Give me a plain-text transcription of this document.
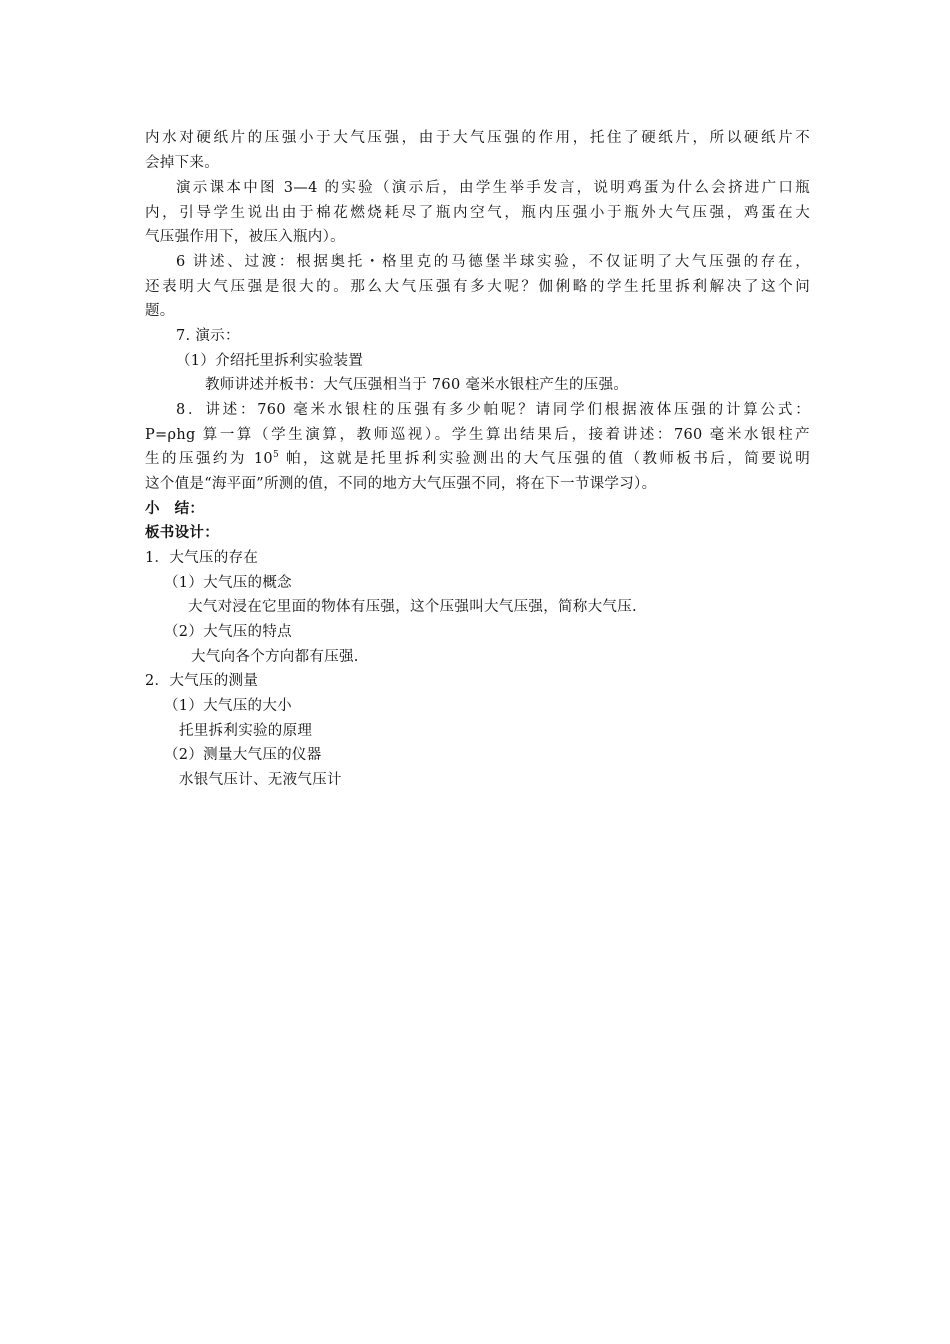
内水对硬纸片的压强小于大气压强，由于大气压强的作用，托住了硬纸片，所以硬纸片不
会掉下来。
演示课本中图 3—4 的实验（演示后，由学生举手发言，说明鸡蛋为什么会挤进广口瓶
内，引导学生说出由于棉花燃烧耗尽了瓶内空气，瓶内压强小于瓶外大气压强，鸡蛋在大
气压强作用下，被压入瓶内）。
6 讲述、过渡：根据奥托・格里克的马德堡半球实验，不仅证明了大气压强的存在，
还表明大气压强是很大的。那么大气压强有多大呢？伽俐略的学生托里拆利解决了这个问
题。
7. 演示：
（1）介绍托里拆利实验装置
教师讲述并板书：大气压强相当于 760 毫米水银柱产生的压强。
8．讲述：760 毫米水银柱的压强有多少帕呢？请同学们根据液体压强的计算公式：
P=ρhg 算一算（学生演算，教师巡视）。学生算出结果后，接着讲述：760 毫米水银柱产
生的压强约为 $10^5$ 帕，这就是托里拆利实验测出的大气压强的值（教师板书后，简要说明
这个值是“海平面”所测的值，不同的地方大气压强不同，将在下一节课学习）。
小　结：
板书设计：
1．大气压的存在
（1）大气压的概念
大气对浸在它里面的物体有压强，这个压强叫大气压强，简称大气压.
（2）大气压的特点
大气向各个方向都有压强.
2．大气压的测量
（1）大气压的大小
托里拆利实验的原理
（2）测量大气压的仪器
水银气压计、无液气压计
